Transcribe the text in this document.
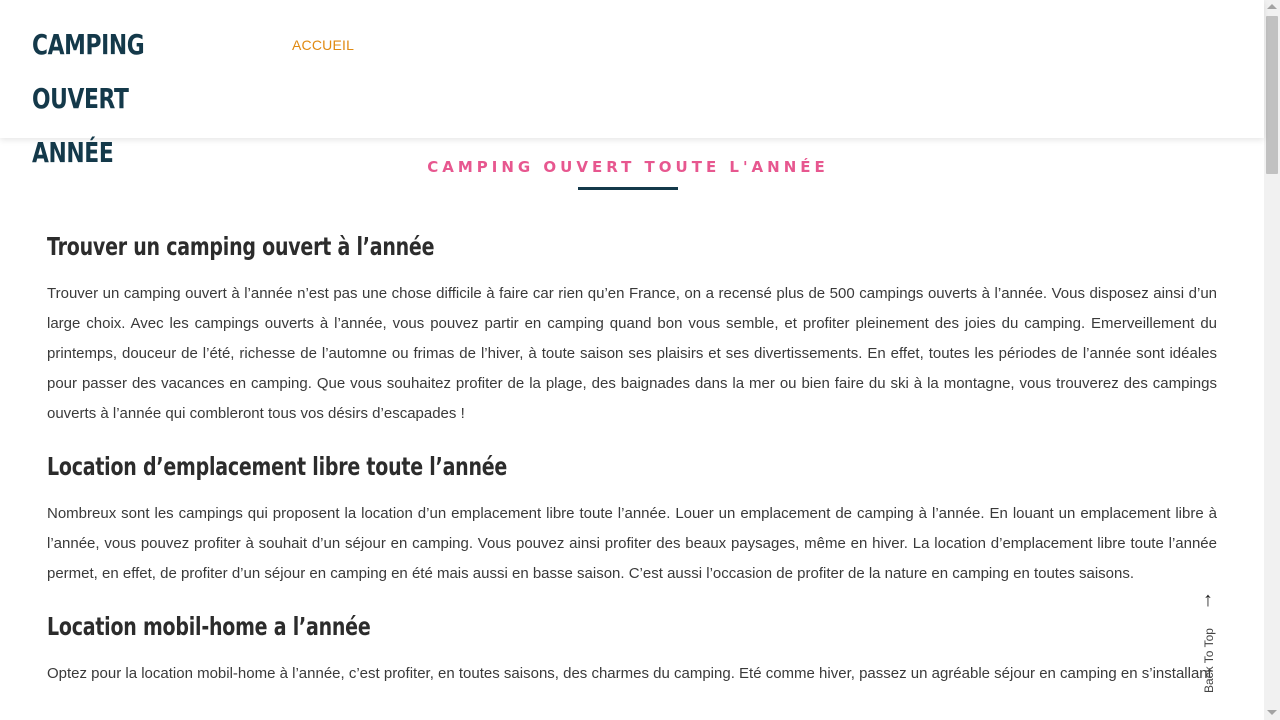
CAMPING OUVERT ANNÉE
ACCUEIL
CAMPING OUVERT TOUTE L'ANNÉE
Trouver un camping ouvert à l’année

Trouver un camping ouvert à l’année n’est pas une chose difficile à faire car rien qu’en France, on a recensé plus de 500 campings ouverts à l’année. Vous disposez ainsi d’un large choix. Avec les campings ouverts à l’année, vous pouvez partir en camping quand bon vous semble, et profiter pleinement des joies du camping. Emerveillement du printemps, douceur de l’été, richesse de l’automne ou frimas de l’hiver, à toute saison ses plaisirs et ses divertissements. En effet, toutes les périodes de l’année sont idéales pour passer des vacances en camping. Que vous souhaitez profiter de la plage, des baignades dans la mer ou bien faire du ski à la montagne, vous trouverez des campings ouverts à l’année qui combleront tous vos désirs d’escapades !

Location d’emplacement libre toute l’année

Nombreux sont les campings qui proposent la location d’un emplacement libre toute l’année. Louer un emplacement de camping à l’année. En louant un emplacement libre à l’année, vous pouvez profiter à souhait d’un séjour en camping. Vous pouvez ainsi profiter des beaux paysages, même en hiver. La location d’emplacement libre toute l’année permet, en effet, de profiter d’un séjour en camping en été mais aussi en basse saison. C’est aussi l’occasion de profiter de la nature en camping en toutes saisons.

Location mobil-home a l’année

Optez pour la location mobil-home à l’année, c’est profiter, en toutes saisons, des charmes du camping. Eté comme hiver, passez un agréable séjour en camping en s’installant

↑
Back To Top
